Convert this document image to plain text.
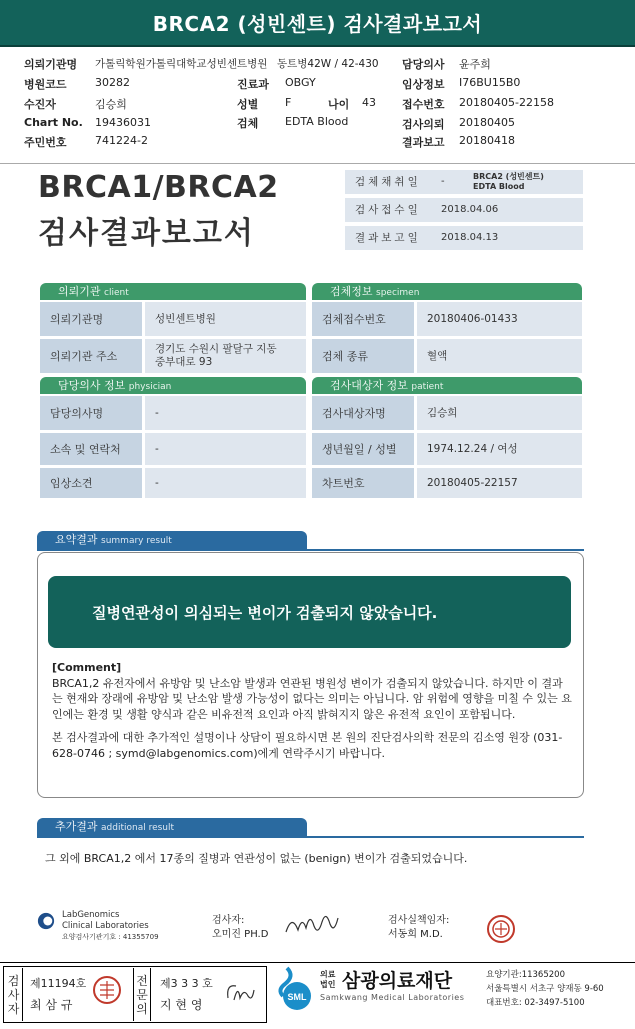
BRCA2 (성빈센트) 검사결과보고서
의뢰기관명 가톨릭학원가톨릭대학교성빈센트병원 동트병42W / 42-430 담당의사 윤주희
병원코드	30282	진료과 OBGY	임상정보 I76BU15B0
수진자	김승희	성별 F	나이 43 접수번호 20180405-22158
Chart No. 19436031	검체 EDTA Blood	검사의뢰 20180405
주민번호	741224-2	결과보고 20180418
BRCA1/BRCA2
검사결과보고서
검체채취일	-	BRCA2 (성빈센트)
EDTA Blood
검사접수일	2018.04.06
결과보고일	2018.04.13
의뢰기관 client
의뢰기관명	성빈센트병원
의뢰기관 주소
경기도 수원시 팔달구 지동
중부대로 93
검체정보 specimen
검체접수번호	20180406-01433
검체 종류	혈액
담당의사 정보 physician
담당의사명	-
소속 및 연락처	-
임상소견	-
검사대상자 정보 patient
검사대상자명	김승희
생년월일 / 성별	1974.12.24 / 여성
차트번호	20180405-22157
요약결과 summary result
질병연관성이 의심되는 변이가 검출되지 않았습니다.
[Comment]

BRCA1,2 유전자에서 유방암 및 난소암 발생과 연관된 병원성 변이가 검출되지 않았습니다. 하지만 이 결과는 현재와 장래에 유방암 및 난소암 발생 가능성이 없다는 의미는 아닙니다. 암 위험에 영향을 미칠 수 있는 요인에는 환경 및 생활 양식과 같은 비유전적 요인과 아직 밝혀지지 않은 유전적 요인이 포함됩니다.

본 검사결과에 대한 추가적인 설명이나 상담이 필요하시면 본 원의 진단검사의학 전문의 김소영 원장 (031-628-0746 ; symd@labgenomics.com)에게 연락주시기 바랍니다.

추가결과 additional result
그 외에 BRCA1,2 에서 17종의 질병과 연관성이 없는 (benign) 변이가 검출되었습니다.
LabGenomics
Clinical Laboratories
요양검사기관기호 : 41355709
검사자:
오미진 PH.D
검사실책임자:
서동희 M.D.
검
사
자
제11194호
최 삼 규
전
문
의
제3 3 3 호
지 현 영
SML
의료
법인 삼광의료재단
Samkwang Medical Laboratories
요양기관:11365200
서울특별시 서초구 양재동 9-60
대표번호: 02-3497-5100
